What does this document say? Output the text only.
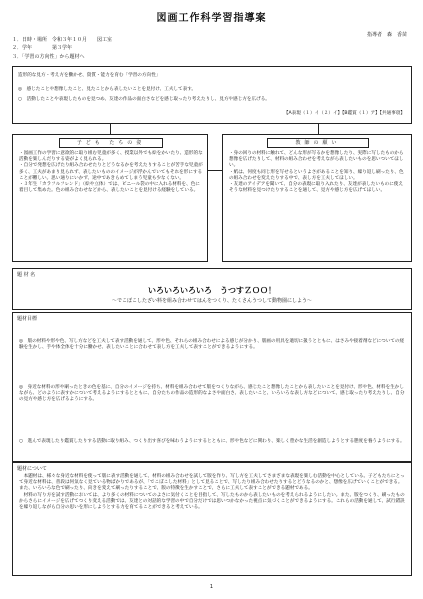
図画工作科学習指導案
指導者　森　香苗
１．日時・場所　令和３年１０月　　図工室
２．学年　　　　第３学年
３．「学習の方向性」から題材へ
造形的な見方・考え方を働かせ、資質・能力を育む「学習の方向性」
◎　感じたことや想像したこと、見たことから表したいことを見付け、工夫して表す。
○　活動したことや表現したものを見つめ、友達の作品の面白さなどを感じ取ったり考えたりし、見方や感じ方を広げる。
【A表現（１）イ（２）イ】【B鑑賞（１）ア】【共通事項】
子ども たちの姿
・図画工作の学習に意欲的に取り組む児童が多く、授業以外でも絵をかいたり、造形的な活動を楽しんだりする姿がよく見られる。
・自分で発想を広げたり組み合わせたりとどうなるかを考えたりすることが苦手な児童が多く、工夫があまり見られず、表したいもののイメージが浮かんでいてもそれを形にすることが難しい。思い通りにいかず、途中であきらめてしまう児童も少なくない。
・３年生「カラフルフレンド」（絵や立体）では、ビニール袋の中に入れる材料を、色に着目して集めた。色の組み合わせなどから、表したいことを見付ける経験をしている。
教師の願い
・身の回りの材料に触れて、どんな形が写るかを想像したり、実際に写したものから想像を広げたりして、材料の組み合わせを考えながら表したいものを思いついてほしい。
・紙は、何度も同じ形を写せるというよさがあることを知り、繰り返し刷ったり、色の組み合わせを変えたりする中で、表し方を工夫してほしい。
・友達のアイデアを聞いて、自分の表現に取り入れたり、友達が表したいものに使えそうな材料を見つけたりすることを通して、見方や感じ方を広げてほしい。
題 材 名
いろいろいろいろ　うつすＺＯＯ！
～でこぼこしたざい料を組み合わせてはんをつくり、たくさんうつして動物園にしよう～
題材目標
◎　版の材料や形や色、写し方などを工夫して表す活動を通して、形や色、それらの組み合わせによる感じが分かり、版画の用具を適切に扱うとともに、はさみや接着剤などについての経験を生かし、手や体全体を十分に働かせ、表したいことに合わせて表し方を工夫して表すことができるようにする。
◎　身近な材料の形や刷ったときの色を基に、自分のイメージを持ち、材料を組み合わせて版をつくりながら、感じたこと想像したことから表したいことを見付け、形や色、材料を生かしながら、どのように表すかについて考えるようにするとともに、自分たちの作品の造形的なよさや面白さ、表したいこと、いろいろな表し方などについて、感じ取ったり考えたりし、自分の見方や感じ方を広げるようにする。
○　進んで表現したり鑑賞したりする活動に取り組み、つくり出す喜びを味わうようにするとともに、形や色などに関わり、楽しく豊かな生活を創造しようとする態度を養うようにする。
題材について
　本題材は、様々な身近な材料を使って版に表す活動を通して、材料の組み合わせを試して版を作り、写し方を工夫してさまざまな表現を楽しむ活動を中心としている。子どもたちにとって身近な材料は、普段は何気なく見ている物ばかりであるが、「でこぼこした材料」として見ることで、写したり組み合わせたりするとどうなるのかと、想像を広げていくことができる。また、いろいろな色で刷ったり、向きを変えて刷ったりすることで、版の特徴を生かすことで、さらに工夫して表すことができる題材である。
　材料の写り方を試す活動においては、より多くの材料についてのよさに気付くことを目指して、写したものから表したいものを考えられるようにしたい。また、版をつくり、刷ったものからさらにイメージを広げてつくり変える活動では、友達との対話的な学習の中で自分だけでは思いつかなかった視点に気づくことができるようにする。これらの活動を通して、試行錯誤を繰り返しながら自分の思いを形にしようとする力を育てることができると考えている。
1
